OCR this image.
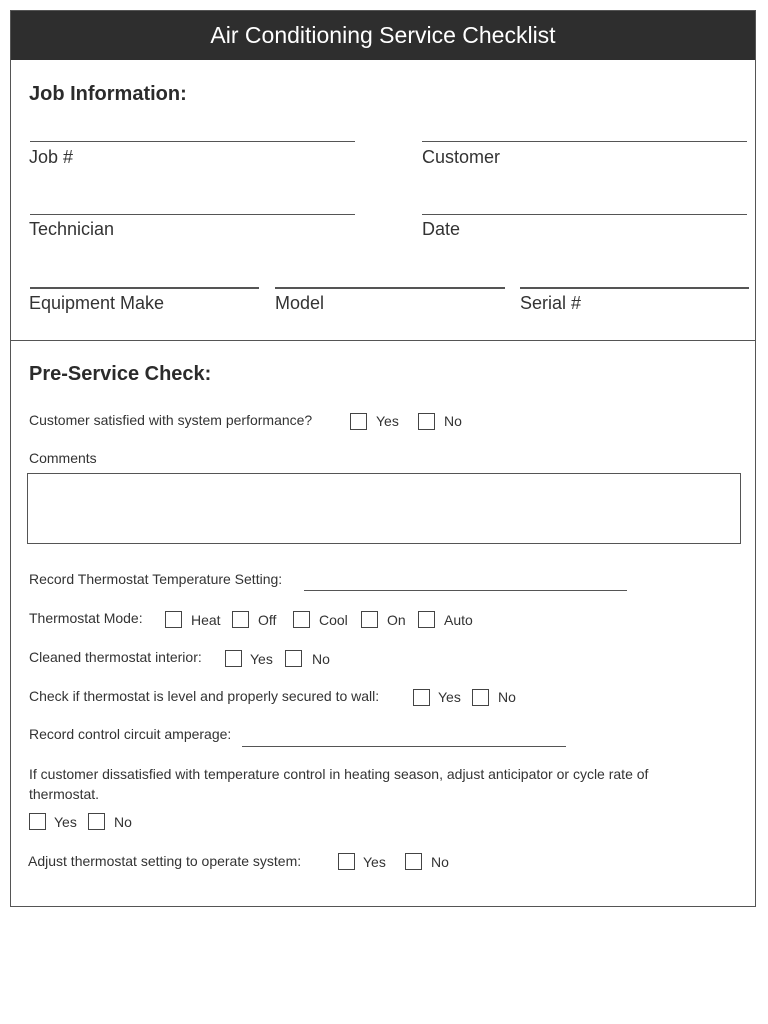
Air Conditioning Service Checklist
Job Information:
Job #	Customer
Technician	Date
Equipment Make	Model	Serial #
Pre-Service Check:
Customer satisfied with system performance?	Yes	No
Comments
Record Thermostat Temperature Setting:
Thermostat Mode:	Heat	Off	Cool	On	Auto
Cleaned thermostat interior:	Yes	No
Check if thermostat is level and properly secured to wall:	Yes	No
Record control circuit amperage:
If customer dissatisfied with temperature control in heating season, adjust anticipator or cycle rate of thermostat.
Yes	No
Adjust thermostat setting to operate system:	Yes	No
